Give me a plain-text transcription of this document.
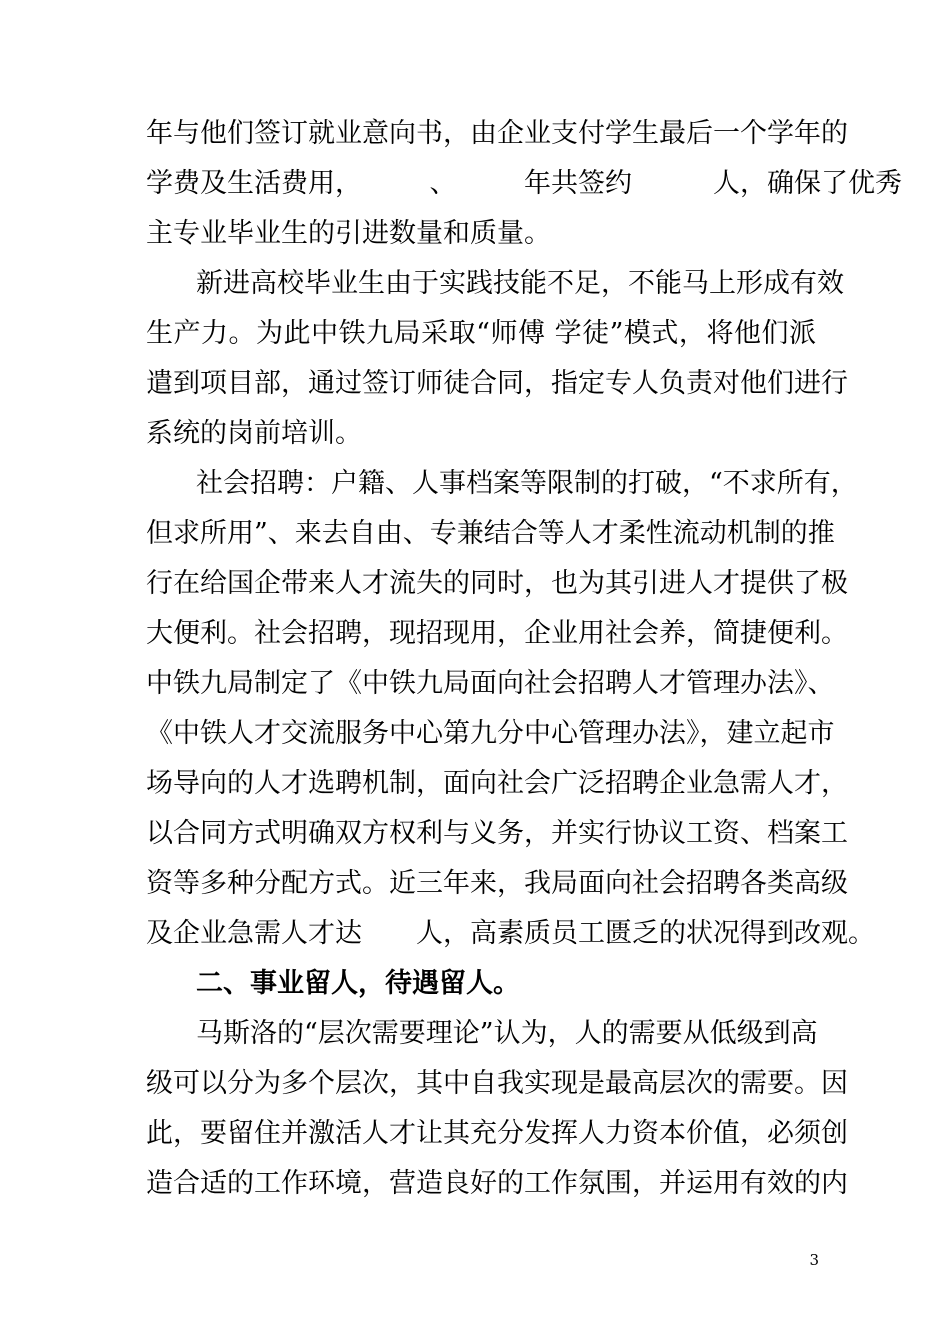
年与他们签订就业意向书，由企业支付学生最后一个学年的
学费及生活费用，　　　、　　　年共签约　　　人，确保了优秀
主专业毕业生的引进数量和质量。
新进高校毕业生由于实践技能不足，不能马上形成有效
生产力。为此中铁九局采取“师傅 学徒”模式，将他们派
遣到项目部，通过签订师徒合同，指定专人负责对他们进行
系统的岗前培训。
社会招聘：户籍、人事档案等限制的打破，“不求所有，
但求所用”、来去自由、专兼结合等人才柔性流动机制的推
行在给国企带来人才流失的同时，也为其引进人才提供了极
大便利。社会招聘，现招现用，企业用社会养，简捷便利。
中铁九局制定了《中铁九局面向社会招聘人才管理办法》、
《中铁人才交流服务中心第九分中心管理办法》，建立起市
场导向的人才选聘机制，面向社会广泛招聘企业急需人才，
以合同方式明确双方权利与义务，并实行协议工资、档案工
资等多种分配方式。近三年来，我局面向社会招聘各类高级
及企业急需人才达　　人，高素质员工匮乏的状况得到改观。
二、事业留人，待遇留人。
马斯洛的“层次需要理论”认为，人的需要从低级到高
级可以分为多个层次，其中自我实现是最高层次的需要。因
此，要留住并激活人才让其充分发挥人力资本价值，必须创
造合适的工作环境，营造良好的工作氛围，并运用有效的内
3
